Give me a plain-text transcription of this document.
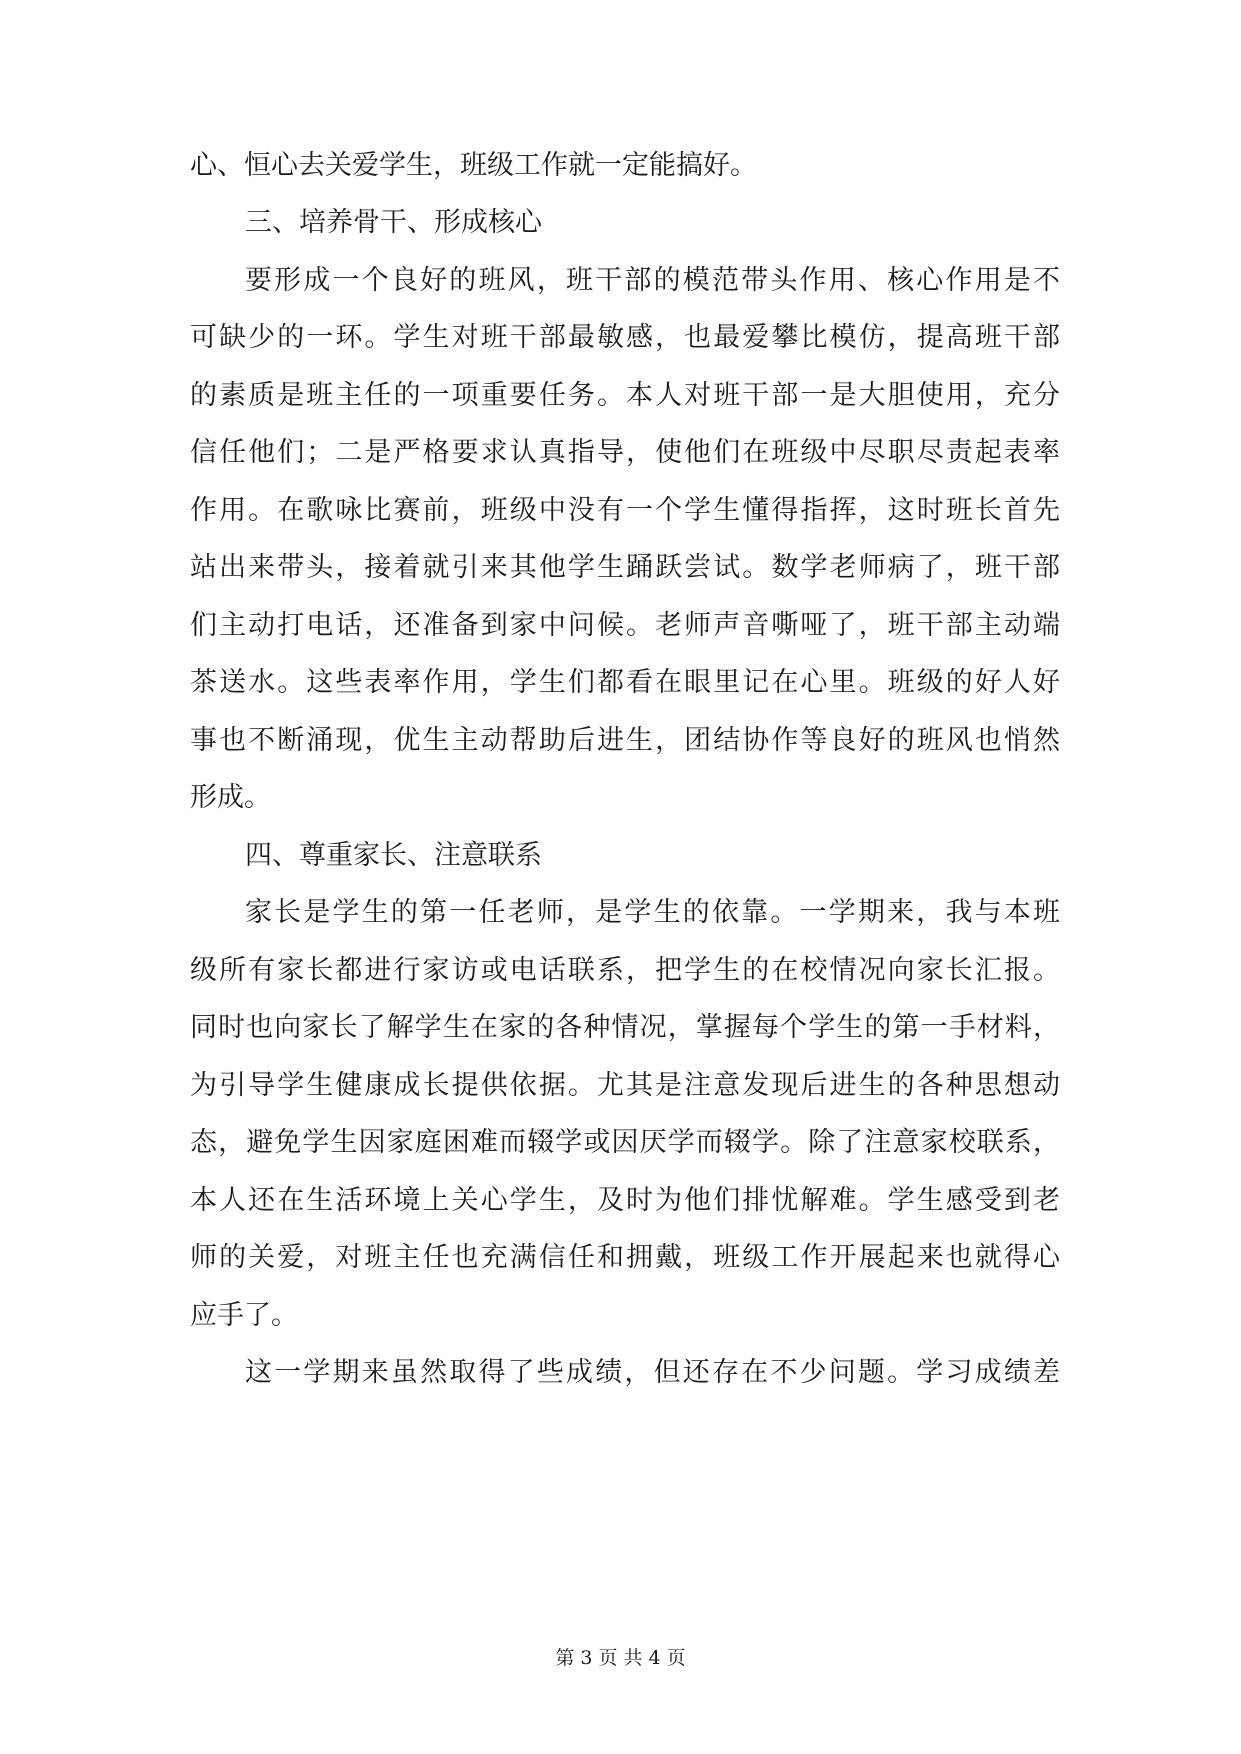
心、恒心去关爱学生，班级工作就一定能搞好。
三、培养骨干、形成核心
要形成一个良好的班风，班干部的模范带头作用、核心作用是不
可缺少的一环。学生对班干部最敏感，也最爱攀比模仿，提高班干部
的素质是班主任的一项重要任务。本人对班干部一是大胆使用，充分
信任他们；二是严格要求认真指导，使他们在班级中尽职尽责起表率
作用。在歌咏比赛前，班级中没有一个学生懂得指挥，这时班长首先
站出来带头，接着就引来其他学生踊跃尝试。数学老师病了，班干部
们主动打电话，还准备到家中问候。老师声音嘶哑了，班干部主动端
茶送水。这些表率作用，学生们都看在眼里记在心里。班级的好人好
事也不断涌现，优生主动帮助后进生，团结协作等良好的班风也悄然
形成。
四、尊重家长、注意联系
家长是学生的第一任老师，是学生的依靠。一学期来，我与本班
级所有家长都进行家访或电话联系，把学生的在校情况向家长汇报。
同时也向家长了解学生在家的各种情况，掌握每个学生的第一手材料，
为引导学生健康成长提供依据。尤其是注意发现后进生的各种思想动
态，避免学生因家庭困难而辍学或因厌学而辍学。除了注意家校联系，
本人还在生活环境上关心学生，及时为他们排忧解难。学生感受到老
师的关爱，对班主任也充满信任和拥戴，班级工作开展起来也就得心
应手了。
这一学期来虽然取得了些成绩，但还存在不少问题。学习成绩差
第 3 页 共 4 页
